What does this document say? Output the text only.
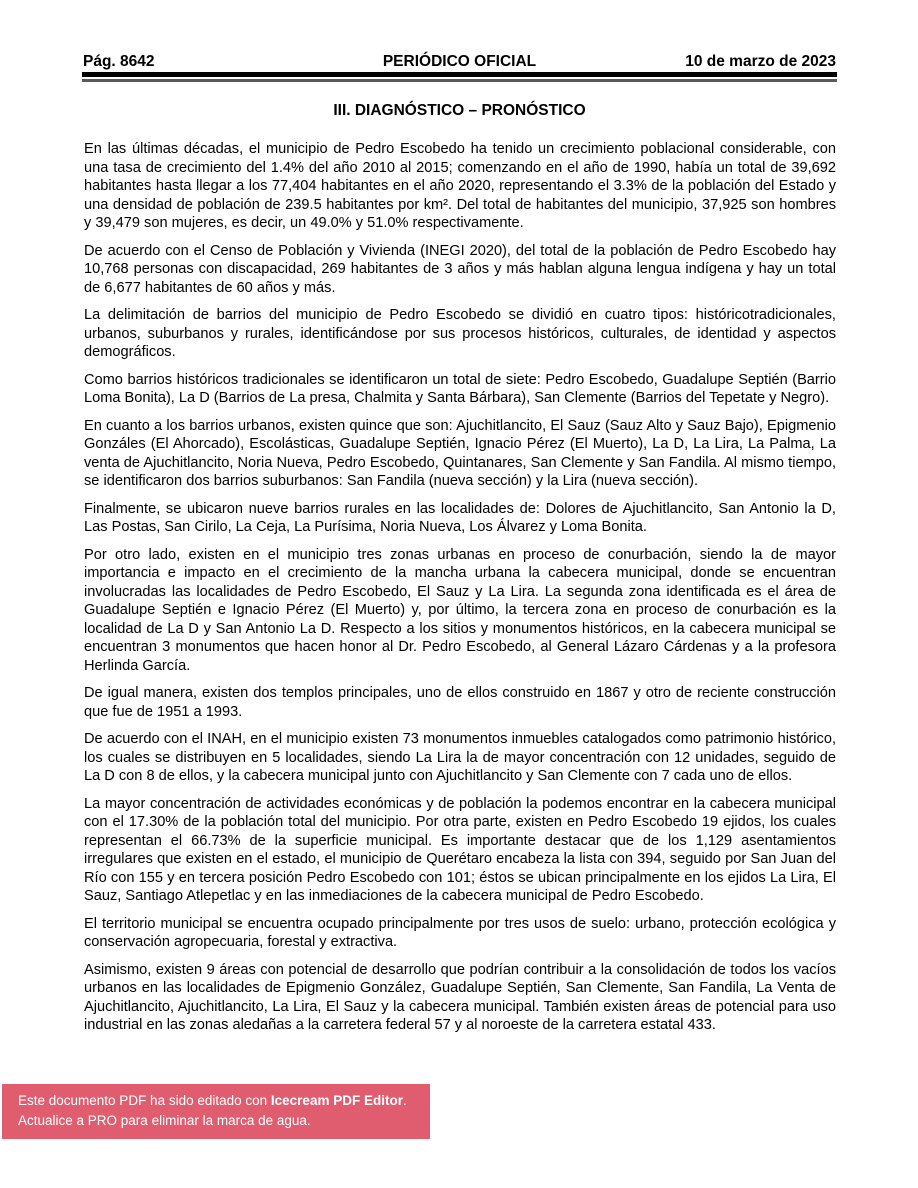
Pág. 8642	PERIÓDICO OFICIAL	10 de marzo de 2023
III. DIAGNÓSTICO – PRONÓSTICO

En las últimas décadas, el municipio de Pedro Escobedo ha tenido un crecimiento poblacional considerable, con una tasa de crecimiento del 1.4% del año 2010 al 2015; comenzando en el año de 1990, había un total de 39,692 habitantes hasta llegar a los 77,404 habitantes en el año 2020, representando el 3.3% de la población del Estado y una densidad de población de 239.5 habitantes por km². Del total de habitantes del municipio, 37,925 son hombres y 39,479 son mujeres, es decir, un 49.0% y 51.0% respectivamente.

De acuerdo con el Censo de Población y Vivienda (INEGI 2020), del total de la población de Pedro Escobedo hay 10,768 personas con discapacidad, 269 habitantes de 3 años y más hablan alguna lengua indígena y hay un total de 6,677 habitantes de 60 años y más.

La delimitación de barrios del municipio de Pedro Escobedo se dividió en cuatro tipos: históricotradicionales, urbanos, suburbanos y rurales, identificándose por sus procesos históricos, culturales, de identidad y aspectos demográficos.

Como barrios históricos tradicionales se identificaron un total de siete: Pedro Escobedo, Guadalupe Septién (Barrio Loma Bonita), La D (Barrios de La presa, Chalmita y Santa Bárbara), San Clemente (Barrios del Tepetate y Negro).

En cuanto a los barrios urbanos, existen quince que son: Ajuchitlancito, El Sauz (Sauz Alto y Sauz Bajo), Epigmenio Gonzáles (El Ahorcado), Escolásticas, Guadalupe Septién, Ignacio Pérez (El Muerto), La D, La Lira, La Palma, La venta de Ajuchitlancito, Noria Nueva, Pedro Escobedo, Quintanares, San Clemente y San Fandila. Al mismo tiempo, se identificaron dos barrios suburbanos: San Fandila (nueva sección) y la Lira (nueva sección).

Finalmente, se ubicaron nueve barrios rurales en las localidades de: Dolores de Ajuchitlancito, San Antonio la D, Las Postas, San Cirilo, La Ceja, La Purísima, Noria Nueva, Los Álvarez y Loma Bonita.

Por otro lado, existen en el municipio tres zonas urbanas en proceso de conurbación, siendo la de mayor importancia e impacto en el crecimiento de la mancha urbana la cabecera municipal, donde se encuentran involucradas las localidades de Pedro Escobedo, El Sauz y La Lira. La segunda zona identificada es el área de Guadalupe Septién e Ignacio Pérez (El Muerto) y, por último, la tercera zona en proceso de conurbación es la localidad de La D y San Antonio La D. Respecto a los sitios y monumentos históricos, en la cabecera municipal se encuentran 3 monumentos que hacen honor al Dr. Pedro Escobedo, al General Lázaro Cárdenas y a la profesora Herlinda García.

De igual manera, existen dos templos principales, uno de ellos construido en 1867 y otro de reciente construcción que fue de 1951 a 1993.

De acuerdo con el INAH, en el municipio existen 73 monumentos inmuebles catalogados como patrimonio histórico, los cuales se distribuyen en 5 localidades, siendo La Lira la de mayor concentración con 12 unidades, seguido de La D con 8 de ellos, y la cabecera municipal junto con Ajuchitlancito y San Clemente con 7 cada uno de ellos.

La mayor concentración de actividades económicas y de población la podemos encontrar en la cabecera municipal con el 17.30% de la población total del municipio. Por otra parte, existen en Pedro Escobedo 19 ejidos, los cuales representan el 66.73% de la superficie municipal. Es importante destacar que de los 1,129 asentamientos irregulares que existen en el estado, el municipio de Querétaro encabeza la lista con 394, seguido por San Juan del Río con 155 y en tercera posición Pedro Escobedo con 101; éstos se ubican principalmente en los ejidos La Lira, El Sauz, Santiago Atlepetlac y en las inmediaciones de la cabecera municipal de Pedro Escobedo.

El territorio municipal se encuentra ocupado principalmente por tres usos de suelo: urbano, protección ecológica y conservación agropecuaria, forestal y extractiva.

Asimismo, existen 9 áreas con potencial de desarrollo que podrían contribuir a la consolidación de todos los vacíos urbanos en las localidades de Epigmenio González, Guadalupe Septién, San Clemente, San Fandila, La Venta de Ajuchitlancito, Ajuchitlancito, La Lira, El Sauz y la cabecera municipal. También existen áreas de potencial para uso industrial en las zonas aledañas a la carretera federal 57 y al noroeste de la carretera estatal 433.

Este documento PDF ha sido editado con Icecream PDF Editor.
Actualice a PRO para eliminar la marca de agua.
